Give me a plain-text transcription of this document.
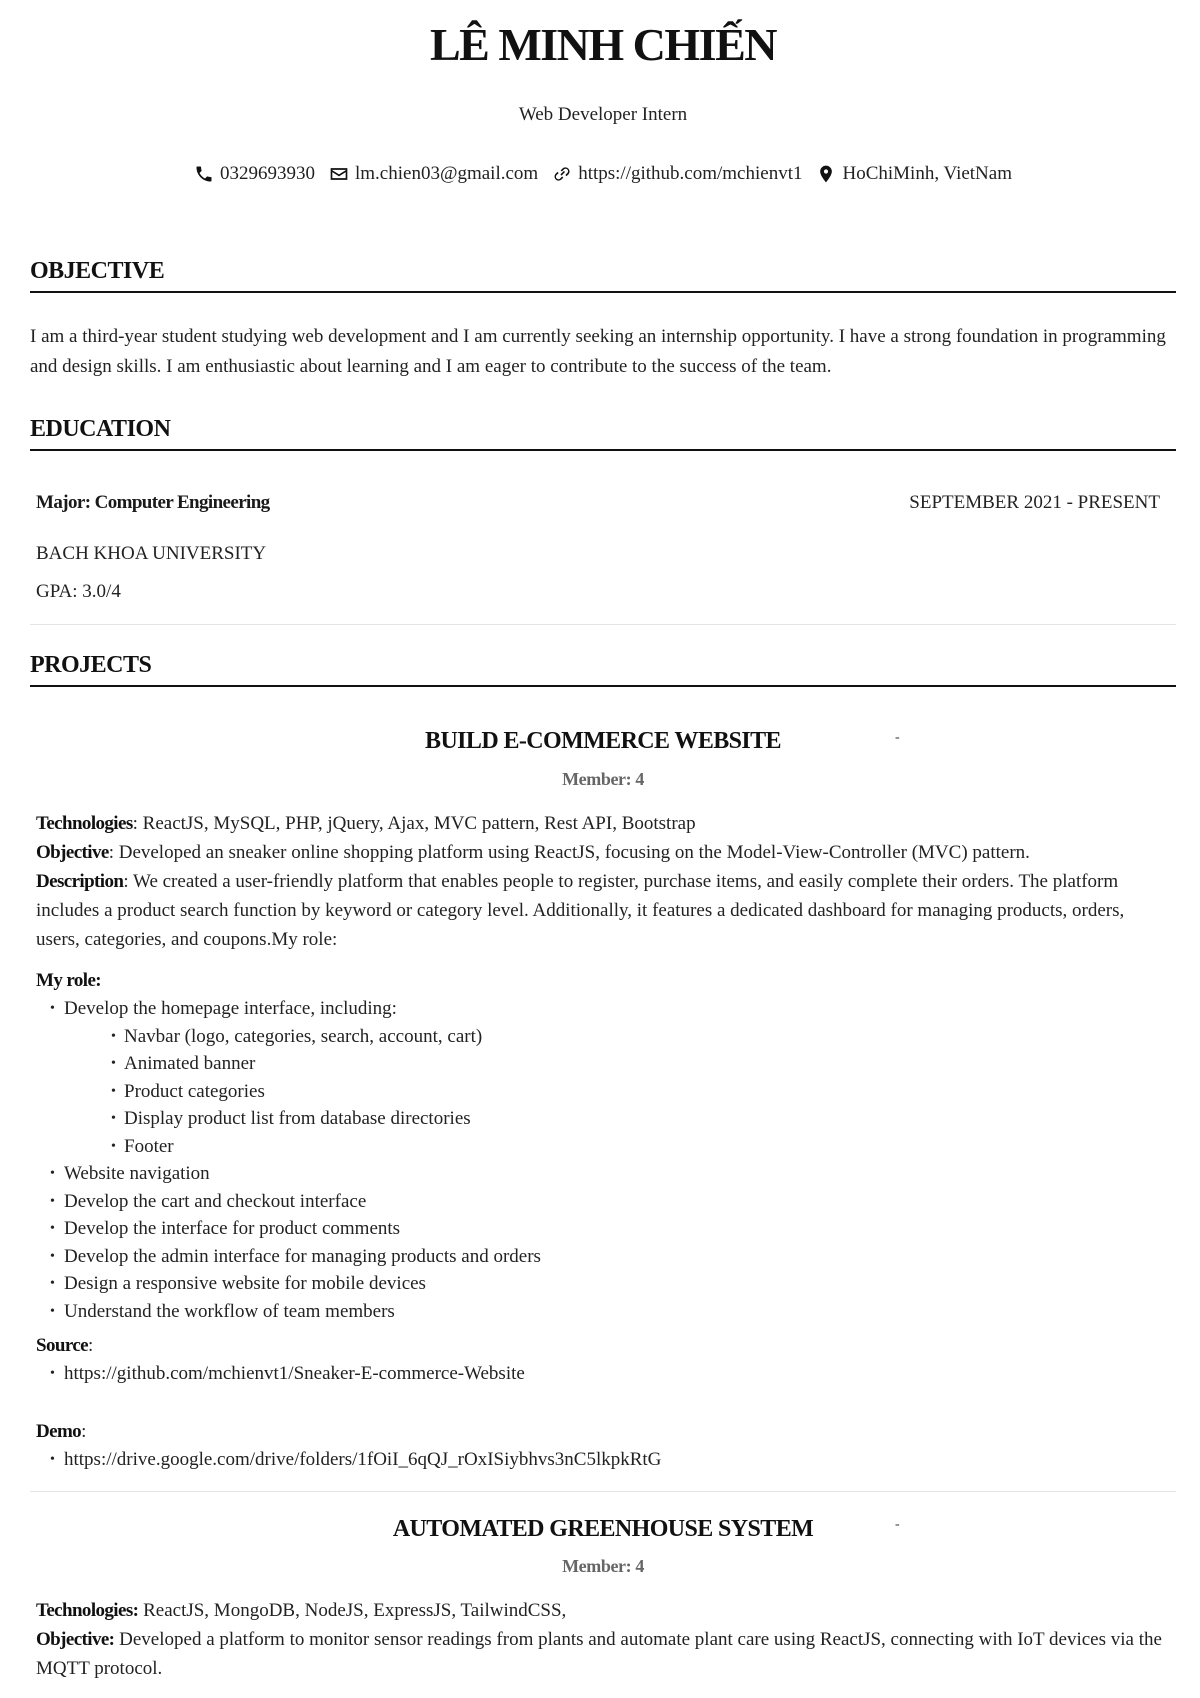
LÊ MINH CHIẾN
Web Developer Intern
0329693930 lm.chien03@gmail.com https://github.com/mchienvt1 HoChiMinh, VietNam
OBJECTIVE
I am a third-year student studying web development and I am currently seeking an internship opportunity. I have a strong foundation in programming and design skills. I am enthusiastic about learning and I am eager to contribute to the success of the team.
EDUCATION
Major: Computer Engineering	SEPTEMBER 2021 - PRESENT
BACH KHOA UNIVERSITY
GPA: 3.0/4
PROJECTS
BUILD E-COMMERCE WEBSITE	-
Member: 4
Technologies: ReactJS, MySQL, PHP, jQuery, Ajax, MVC pattern, Rest API, Bootstrap
Objective: Developed an sneaker online shopping platform using ReactJS, focusing on the Model-View-Controller (MVC) pattern.
Description: We created a user-friendly platform that enables people to register, purchase items, and easily complete their orders. The platform includes a product search function by keyword or category level. Additionally, it features a dedicated dashboard for managing products, orders, users, categories, and coupons.My role:
My role:
• Develop the homepage interface, including:
• Navbar (logo, categories, search, account, cart)
• Animated banner
• Product categories
• Display product list from database directories
• Footer
• Website navigation
• Develop the cart and checkout interface
• Develop the interface for product comments
• Develop the admin interface for managing products and orders
• Design a responsive website for mobile devices
• Understand the workflow of team members
Source:
• https://github.com/mchienvt1/Sneaker-E-commerce-Website
Demo:
• https://drive.google.com/drive/folders/1fOiI_6qQJ_rOxISiybhvs3nC5lkpkRtG
AUTOMATED GREENHOUSE SYSTEM	-
Member: 4
Technologies: ReactJS, MongoDB, NodeJS, ExpressJS, TailwindCSS,
Objective: Developed a platform to monitor sensor readings from plants and automate plant care using ReactJS, connecting with IoT devices via the MQTT protocol.
